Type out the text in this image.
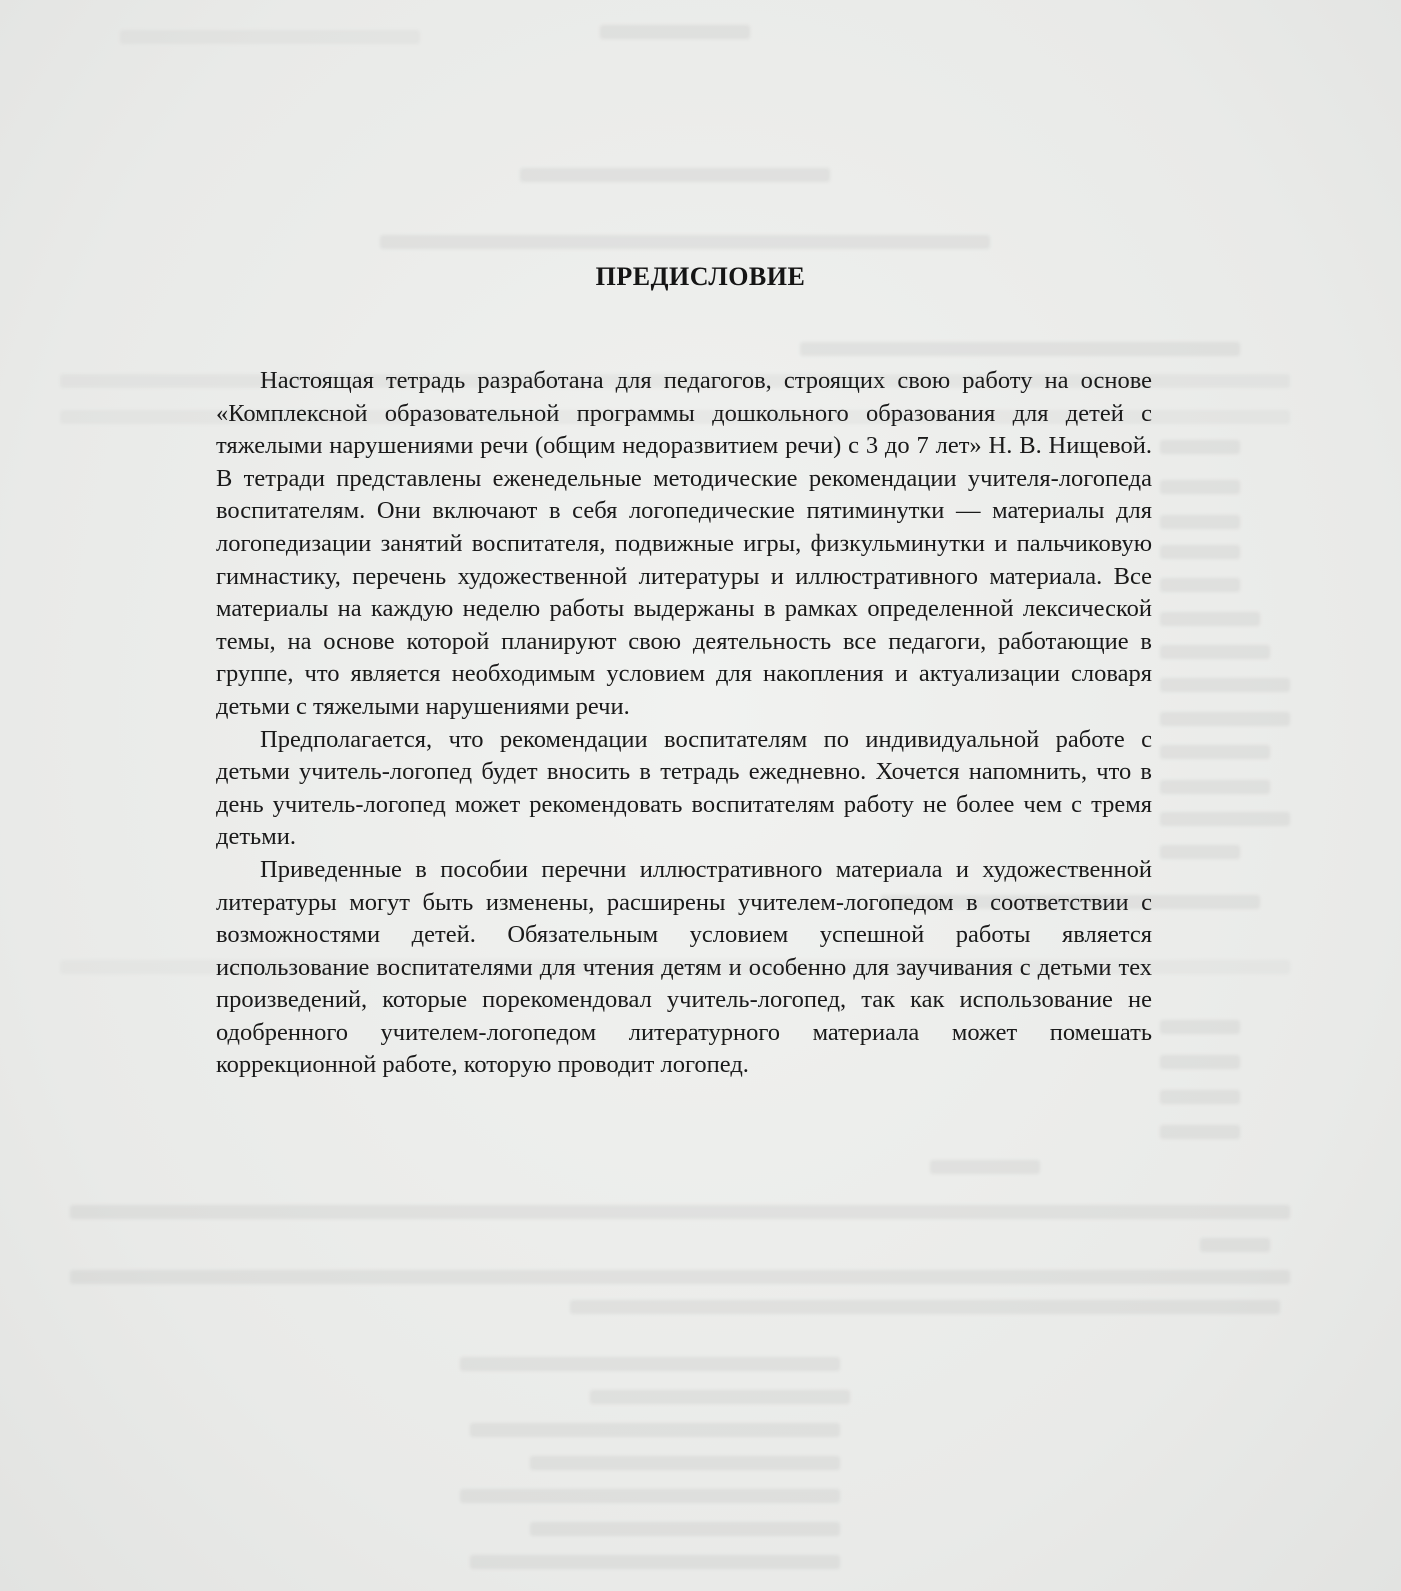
ПРЕДИСЛОВИЕ

Настоящая тетрадь разработана для педагогов, строящих свою работу на основе «Комплексной образовательной программы дошкольного образования для детей с тяжелыми нарушениями речи (общим недоразвитием речи) с 3 до 7 лет» Н. В. Нищевой. В тетради представлены еженедельные методические рекомендации учителя-логопеда воспитателям. Они включают в себя логопедические пятиминутки — материалы для логопедизации занятий воспитателя, подвижные игры, физкульминутки и пальчиковую гимнастику, перечень художественной литературы и иллюстративного материала. Все материалы на каждую неделю работы выдержаны в рамках определенной лексической темы, на основе которой планируют свою деятельность все педагоги, работающие в группе, что является необходимым условием для накопления и актуализации словаря детьми с тяжелыми нарушениями речи.

Предполагается, что рекомендации воспитателям по индивидуальной работе с детьми учитель-логопед будет вносить в тетрадь ежедневно. Хочется напомнить, что в день учитель-логопед может рекомендовать воспитателям работу не более чем с тремя детьми.

Приведенные в пособии перечни иллюстративного материала и художественной литературы могут быть изменены, расширены учителем-логопедом в соответствии с возможностями детей. Обязательным условием успешной работы является использование воспитателями для чтения детям и особенно для заучивания с детьми тех произведений, которые порекомендовал учитель-логопед, так как использование не одобренного учителем-логопедом литературного материала может помешать коррекционной работе, которую проводит логопед.
